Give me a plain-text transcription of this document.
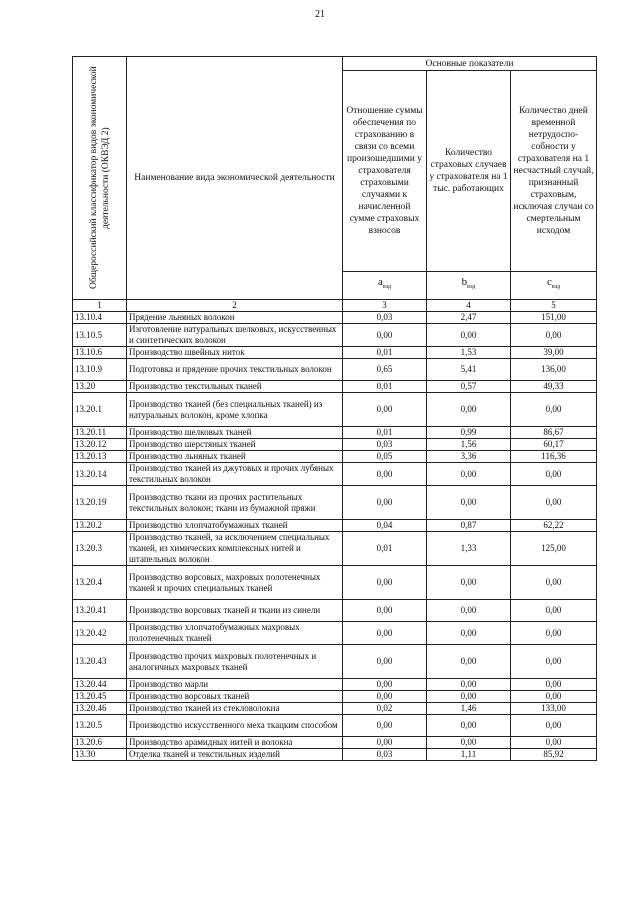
21
Общероссийский классификатор видов экономической деятельности (ОКВЭД 2)	Наименование вида экономической деятельности	Основные показатели		
		Отношение суммы обеспечения по страхованию в связи со всеми произошедшими у страхователя страховыми случаями к начисленной сумме страховых взносов	Количество страховых случаев у страхователя на 1 тыс. работающих	Количество дней временной нетрудоспо-собности у страхователя на 1 несчастный случай, признанный страховым, исключая случаи со смертельным исходом
		$a_{вэд}$	$b_{вэд}$	$c_{вэд}$
1	2	3	4	5
13.10.4	Прядение льняных волокон	0,03	2,47	151,00
13.10.5	Изготовление натуральных шелковых, искусственных и синтетических волокон	0,00	0,00	0,00
13.10.6	Производство швейных ниток	0,01	1,53	39,00
13.10.9	Подготовка и прядение прочих текстильных волокон	0,65	5,41	136,00
13.20	Производство текстильных тканей	0,01	0,57	49,33
13.20.1	Производство тканей (без специальных тканей) из натуральных волокон, кроме хлопка	0,00	0,00	0,00
13.20.11	Производство шелковых тканей	0,01	0,99	86,67
13.20.12	Производство шерстяных тканей	0,03	1,56	60,17
13.20.13	Производство льняных тканей	0,05	3,36	116,36
13.20.14	Производство тканей из джутовых и прочих лубяных текстильных волокон	0,00	0,00	0,00
13.20.19	Производство ткани из прочих растительных текстильных волокон; ткани из бумажной пряжи	0,00	0,00	0,00
13.20.2	Производство хлопчатобумажных тканей	0,04	0,87	62,22
13.20.3	Производство тканей, за исключением специальных тканей, из химических комплексных нитей и штапельных волокон	0,01	1,33	125,00
13.20.4	Производство ворсовых, махровых полотенечных тканей и прочих специальных тканей	0,00	0,00	0,00
13.20.41	Производство ворсовых тканей и ткани из синели	0,00	0,00	0,00
13.20.42	Производство хлопчатобумажных махровых полотенечных тканей	0,00	0,00	0,00
13.20.43	Производство прочих махровых полотенечных и аналогичных махровых тканей	0,00	0,00	0,00
13.20.44	Производство марли	0,00	0,00	0,00
13.20.45	Производство ворсовых тканей	0,00	0,00	0,00
13.20.46	Производство тканей из стекловолокна	0,02	1,46	133,00
13.20.5	Производство искусственного меха ткацким способом	0,00	0,00	0,00
13.20.6	Производство арамидных нитей и волокна	0,00	0,00	0,00
13.30	Отделка тканей и текстильных изделий	0,03	1,11	85,92
